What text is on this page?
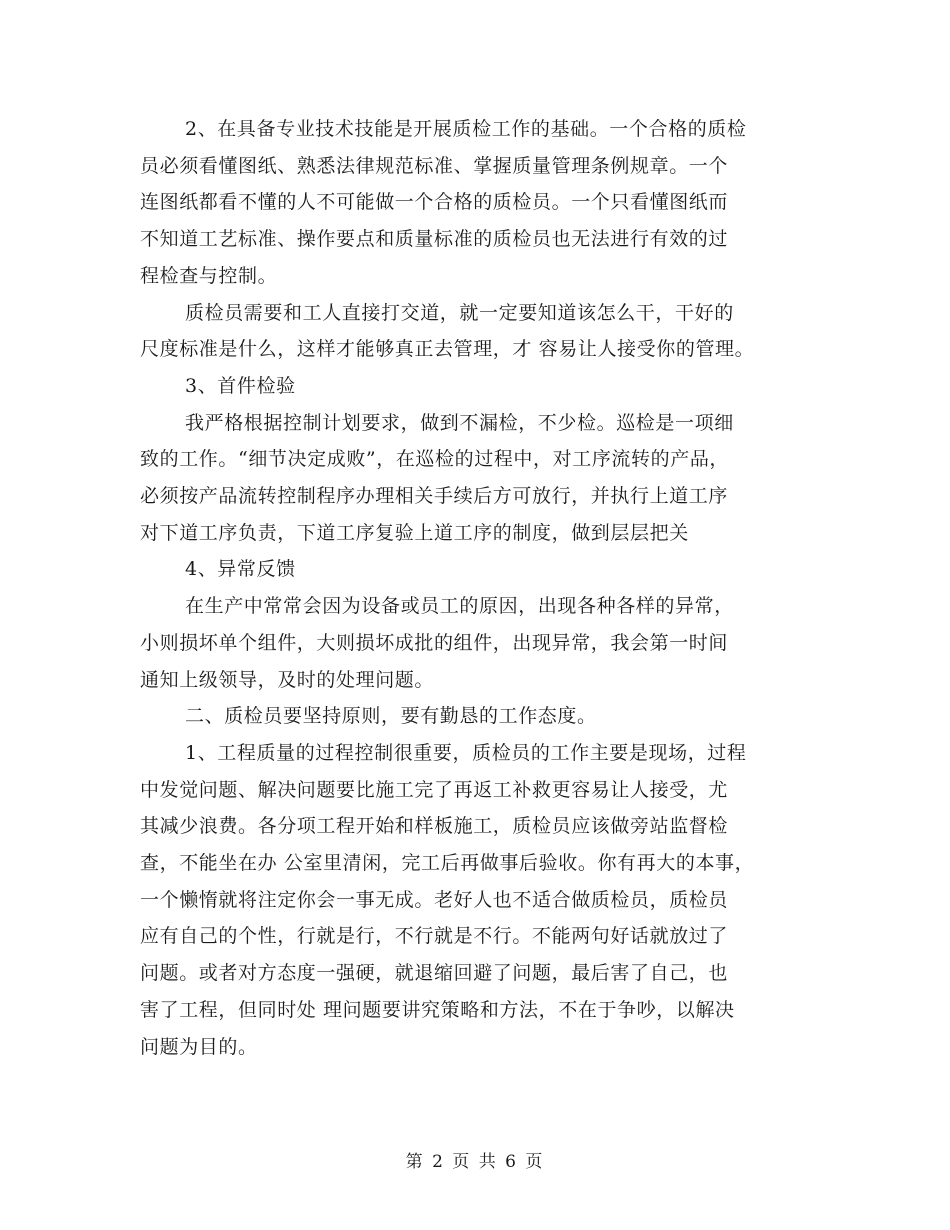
2、在具备专业技术技能是开展质检工作的基础。一个合格的质检
员必须看懂图纸、熟悉法律规范标准、掌握质量管理条例规章。一个
连图纸都看不懂的人不可能做一个合格的质检员。一个只看懂图纸而
不知道工艺标准、操作要点和质量标准的质检员也无法进行有效的过
程检查与控制。

质检员需要和工人直接打交道，就一定要知道该怎么干，干好的
尺度标准是什么，这样才能够真正去管理，才 容易让人接受你的管理。

3、首件检验

我严格根据控制计划要求，做到不漏检，不少检。巡检是一项细
致的工作。“细节决定成败”，在巡检的过程中，对工序流转的产品，
必须按产品流转控制程序办理相关手续后方可放行，并执行上道工序
对下道工序负责，下道工序复验上道工序的制度，做到层层把关

4、异常反馈

在生产中常常会因为设备或员工的原因，出现各种各样的异常，
小则损坏单个组件，大则损坏成批的组件，出现异常，我会第一时间
通知上级领导，及时的处理问题。

二、质检员要坚持原则，要有勤恳的工作态度。

1、工程质量的过程控制很重要，质检员的工作主要是现场，过程
中发觉问题、解决问题要比施工完了再返工补救更容易让人接受，尤
其减少浪费。各分项工程开始和样板施工，质检员应该做旁站监督检
查，不能坐在办 公室里清闲，完工后再做事后验收。你有再大的本事，
一个懒惰就将注定你会一事无成。老好人也不适合做质检员，质检员
应有自己的个性，行就是行，不行就是不行。不能两句好话就放过了
问题。或者对方态度一强硬，就退缩回避了问题，最后害了自己，也
害了工程，但同时处 理问题要讲究策略和方法，不在于争吵，以解决
问题为目的。

第 2 页 共 6 页
